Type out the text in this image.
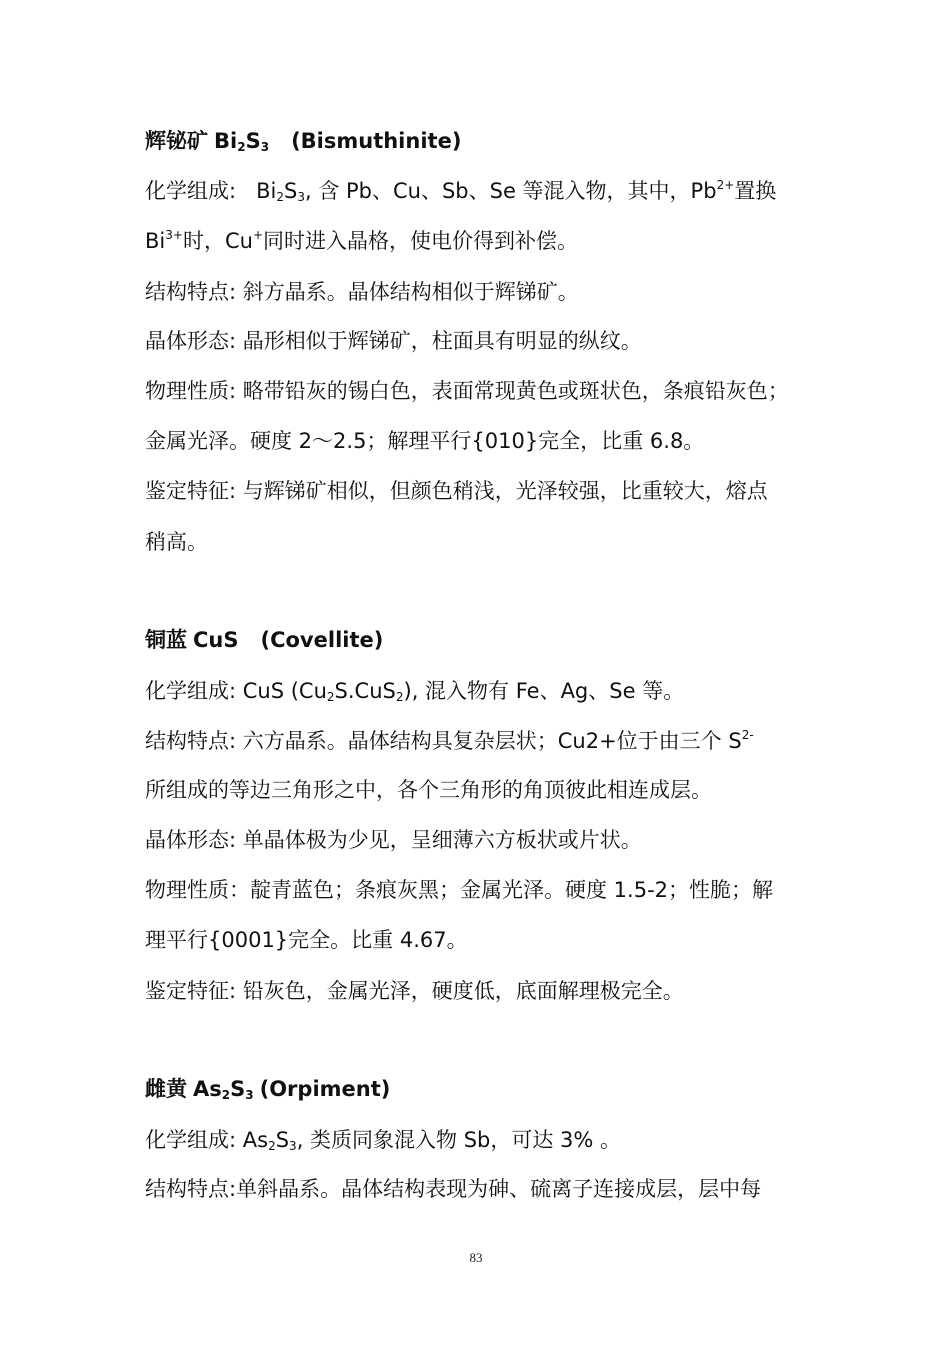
辉铋矿 $Bi_2S_3$ (Bismuthinite)
化学组成: $Bi_2S_3$, 含 Pb、Cu、Sb、Se 等混入物，其中，$Pb^{2+}$置换
$Bi^{3+}$时，Cu+同时进入晶格，使电价得到补偿。
结构特点: 斜方晶系。晶体结构相似于辉锑矿。
晶体形态: 晶形相似于辉锑矿，柱面具有明显的纵纹。
物理性质: 略带铅灰的锡白色，表面常现黄色或斑状色，条痕铅灰色；
金属光泽。硬度 2～2.5；解理平行{010}完全，比重 6.8。
鉴定特征: 与辉锑矿相似，但颜色稍浅，光泽较强，比重较大，熔点
稍高。
铜蓝 CuS (Covellite)
化学组成: CuS $(Cu_2S.CuS_2)$, 混入物有 Fe、Ag、Se 等。
结构特点: 六方晶系。晶体结构具复杂层状；Cu2+位于由三个 $S^{2-}$
所组成的等边三角形之中，各个三角形的角顶彼此相连成层。
晶体形态: 单晶体极为少见，呈细薄六方板状或片状。
物理性质：靛青蓝色；条痕灰黑；金属光泽。硬度 1.5-2；性脆；解
理平行{0001}完全。比重 4.67。
鉴定特征: 铅灰色，金属光泽，硬度低，底面解理极完全。
雌黄 $As_2S_3$ (Orpiment)
化学组成: $As_2S_3$, 类质同象混入物 Sb，可达 3% 。
结构特点:单斜晶系。晶体结构表现为砷、硫离子连接成层，层中每
83
